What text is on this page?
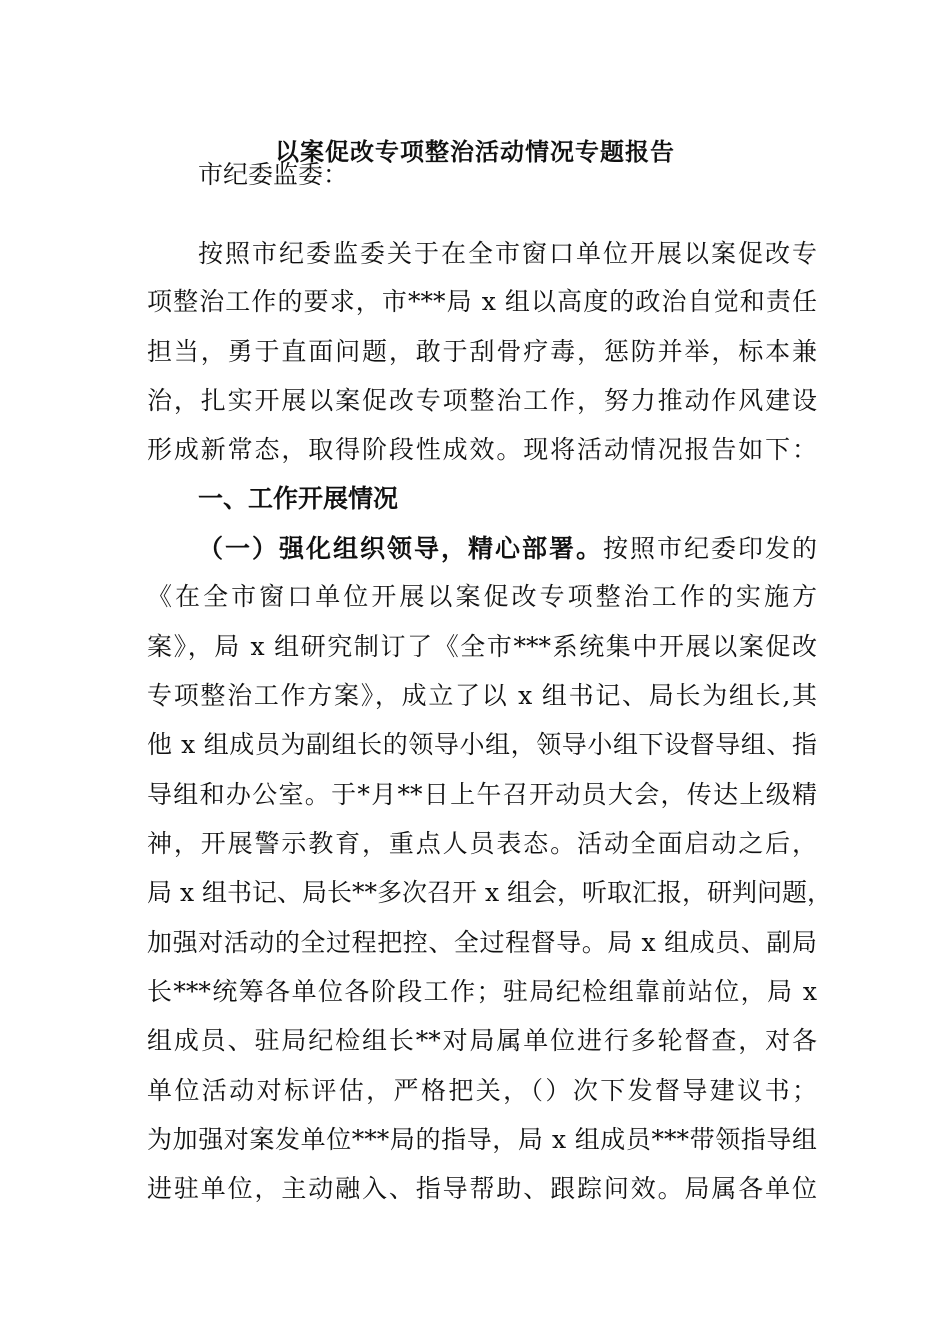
以案促改专项整治活动情况专题报告
市纪委监委：
按照市纪委监委关于在全市窗口单位开展以案促改专
项整治工作的要求，市***局 x 组以高度的政治自觉和责任
担当，勇于直面问题，敢于刮骨疗毒，惩防并举，标本兼
治，扎实开展以案促改专项整治工作，努力推动作风建设
形成新常态，取得阶段性成效。现将活动情况报告如下：
一、工作开展情况
（一）强化组织领导，精心部署。按照市纪委印发的
《在全市窗口单位开展以案促改专项整治工作的实施方
案》，局 x 组研究制订了《全市***系统集中开展以案促改
专项整治工作方案》，成立了以 x 组书记、局长为组长,其
他 x 组成员为副组长的领导小组，领导小组下设督导组、指
导组和办公室。于*月**日上午召开动员大会，传达上级精
神，开展警示教育，重点人员表态。活动全面启动之后，
局 x 组书记、局长**多次召开 x 组会，听取汇报，研判问题，
加强对活动的全过程把控、全过程督导。局 x 组成员、副局
长***统筹各单位各阶段工作；驻局纪检组靠前站位，局 x
组成员、驻局纪检组长**对局属单位进行多轮督查，对各
单位活动对标评估，严格把关，（）次下发督导建议书；
为加强对案发单位***局的指导，局 x 组成员***带领指导组
进驻单位，主动融入、指导帮助、跟踪问效。局属各单位
